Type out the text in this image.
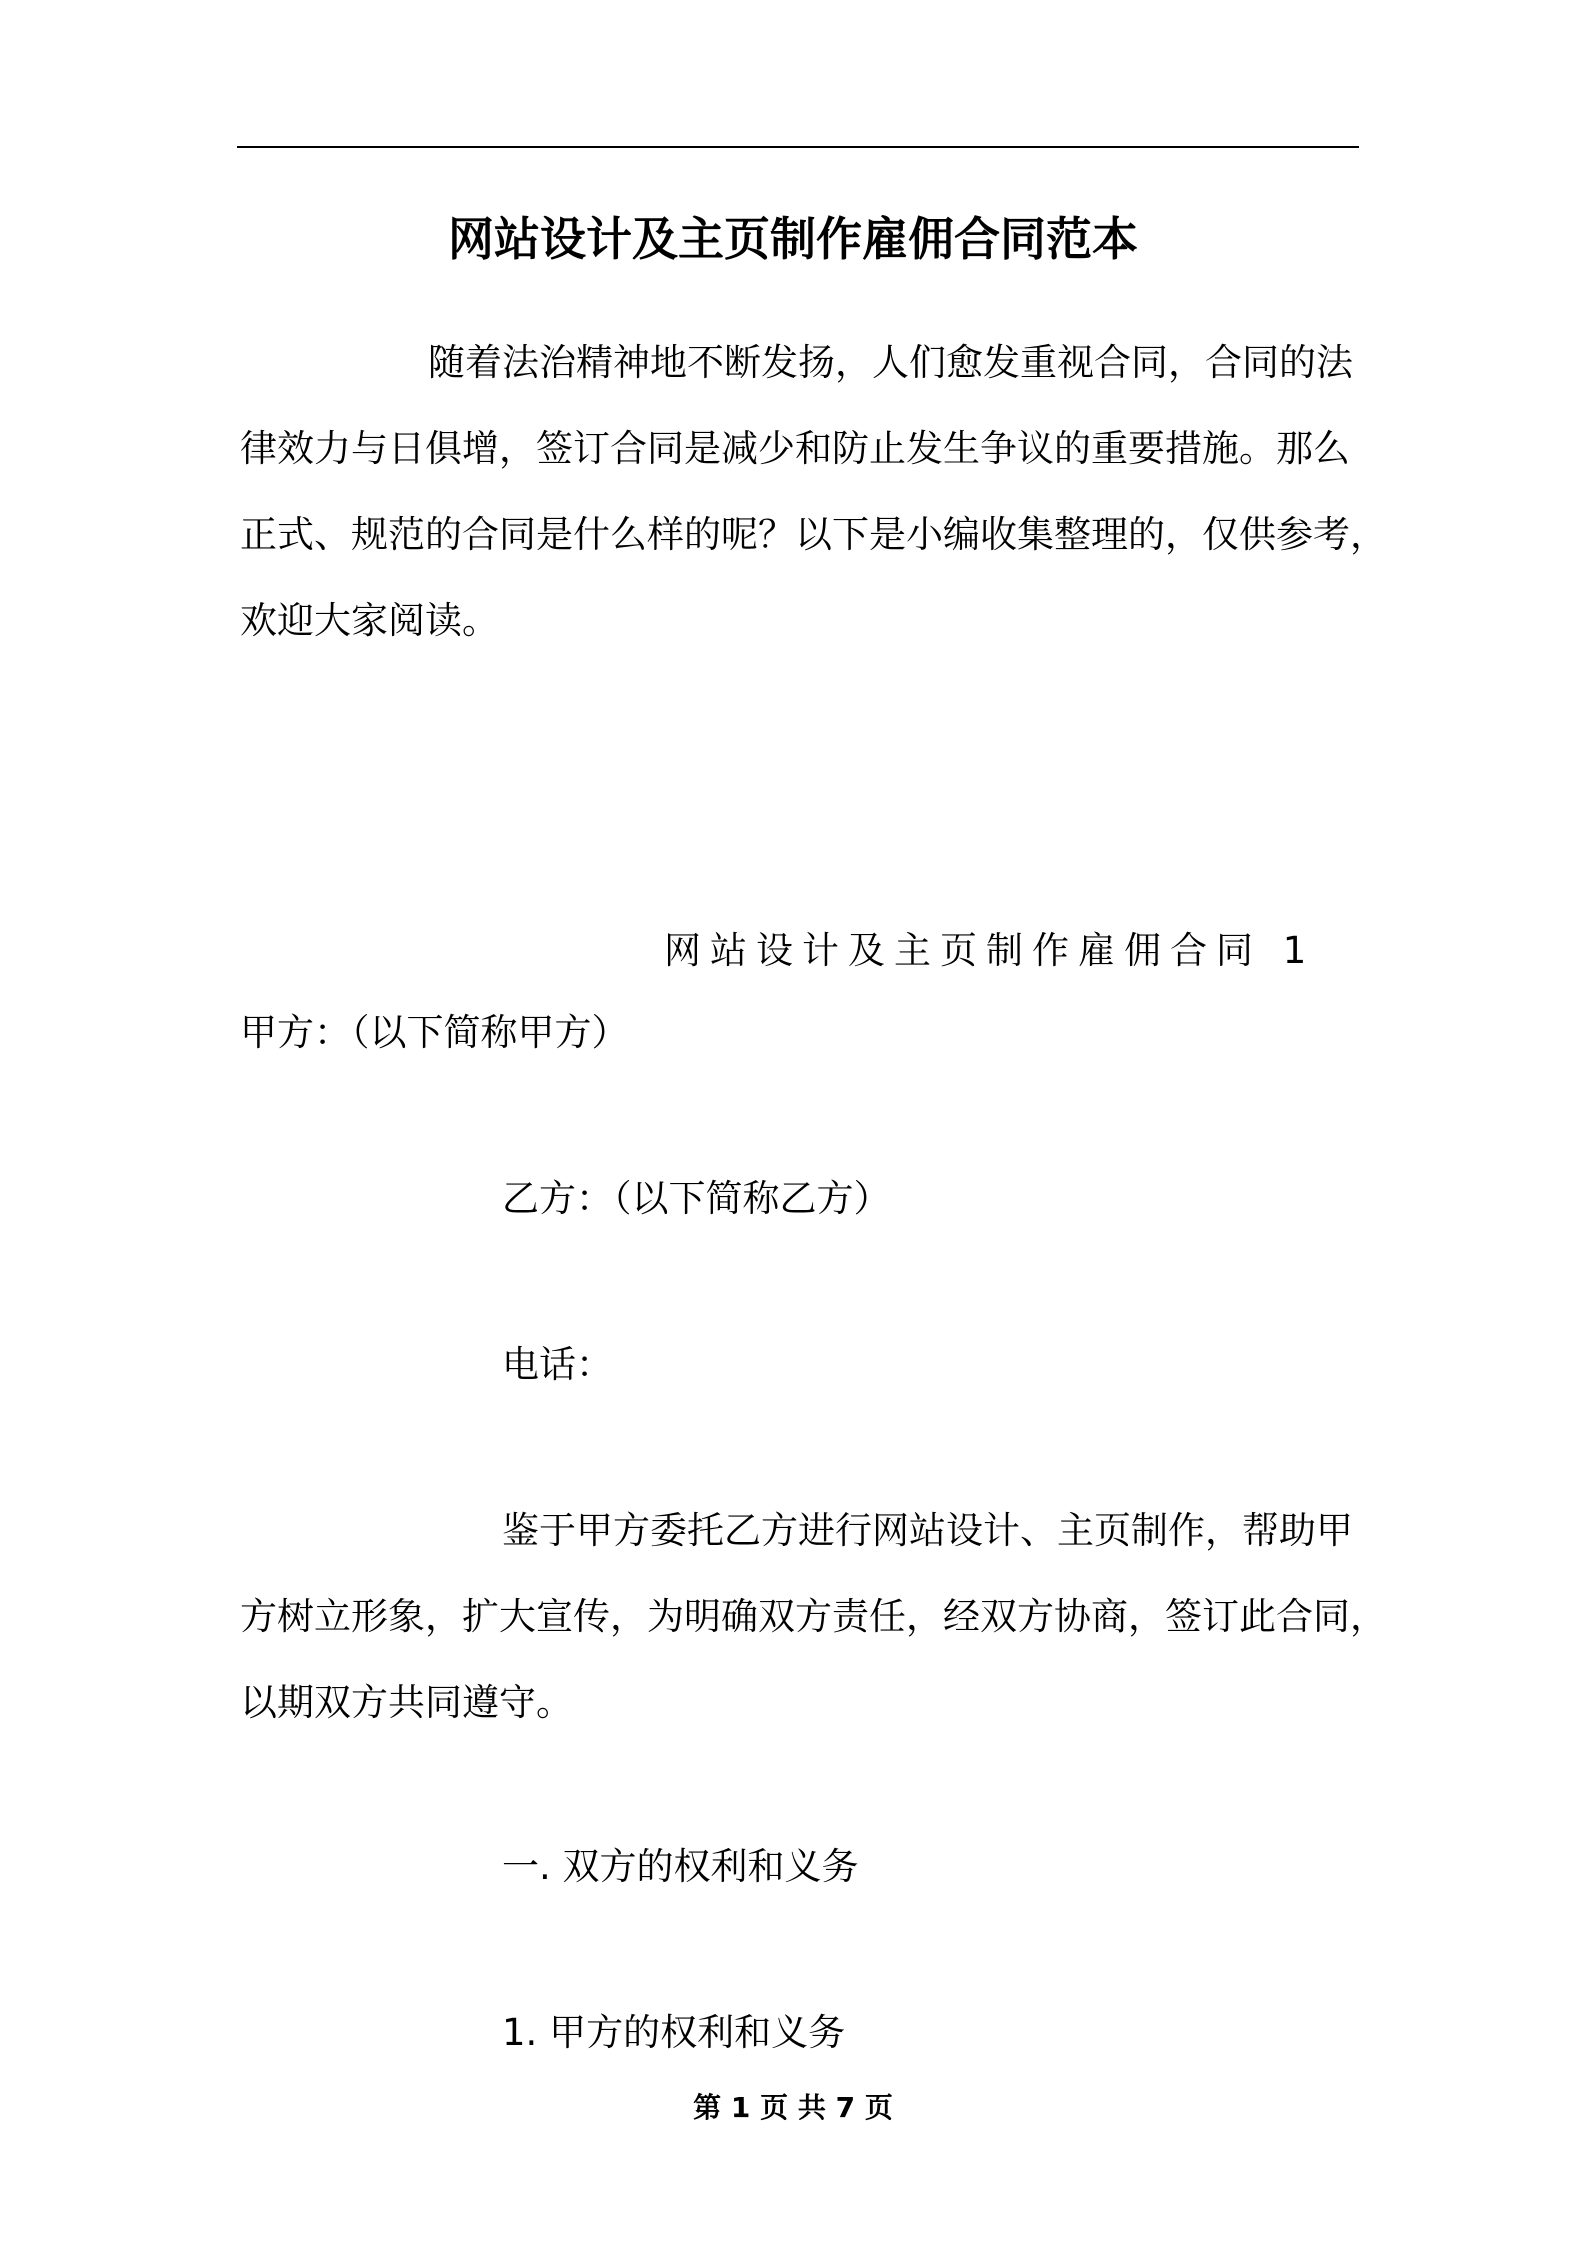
网站设计及主页制作雇佣合同范本
随着法治精神地不断发扬，人们愈发重视合同，合同的法
律效力与日俱增，签订合同是减少和防止发生争议的重要措施。那么
正式、规范的合同是什么样的呢？以下是小编收集整理的，仅供参考，
欢迎大家阅读。
网站设计及主页制作雇佣合同 1
甲方：（以下简称甲方）
乙方：（以下简称乙方）
电话：
鉴于甲方委托乙方进行网站设计、主页制作，帮助甲
方树立形象，扩大宣传，为明确双方责任，经双方协商，签订此合同，
以期双方共同遵守。
一. 双方的权利和义务
1. 甲方的权利和义务
第 1 页 共 7 页
